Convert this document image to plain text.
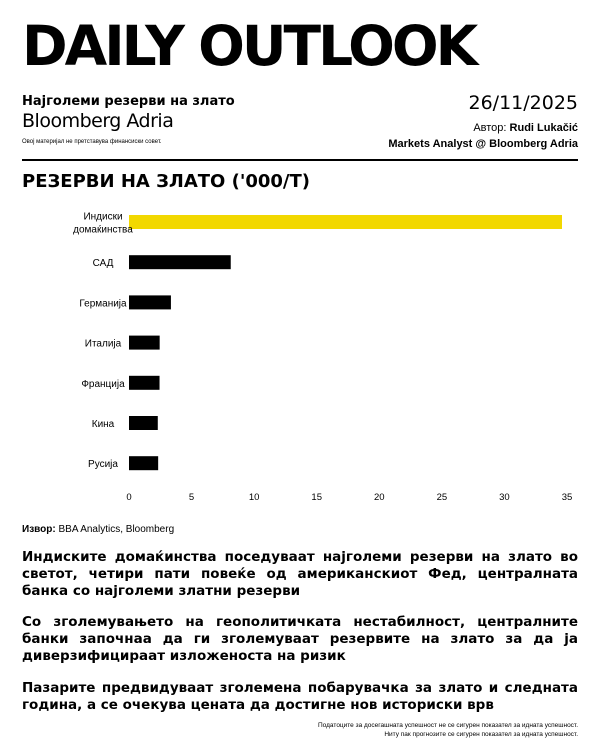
DAILY OUTLOOK
Најголеми резерви на злато
Bloomberg Adria
Овој материјал не претставува финансиски совет.
26/11/2025
Автор: Rudi Lukačić
Markets Analyst @ Bloomberg Adria
РЕЗЕРВИ НА ЗЛАТО ('000/T)
Индиски
домаќинства
САД
Германија
Италија
Франција
Кина
Русија
0	5	10	15	20	25	30	35
Извор: BBA Analytics, Bloomberg
Индиските домаќинства поседуваат најголеми резерви на злато во светот, четири пати повеќе од американскиот Фед, централната банка со најголеми златни резерви
Со зголемувањето на геополитичката нестабилност, централните банки започнаа да ги зголемуваат резервите на злато за да ја диверзифицираат изложеноста на ризик
Пазарите предвидуваат зголемена побарувачка за злато и следната година, а се очекува цената да достигне нов историски врв
Податоците за досегашната успешност не се сигурен показател за идната успешност.
Ниту пак прогнозите се сигурен показател за идната успешност.
